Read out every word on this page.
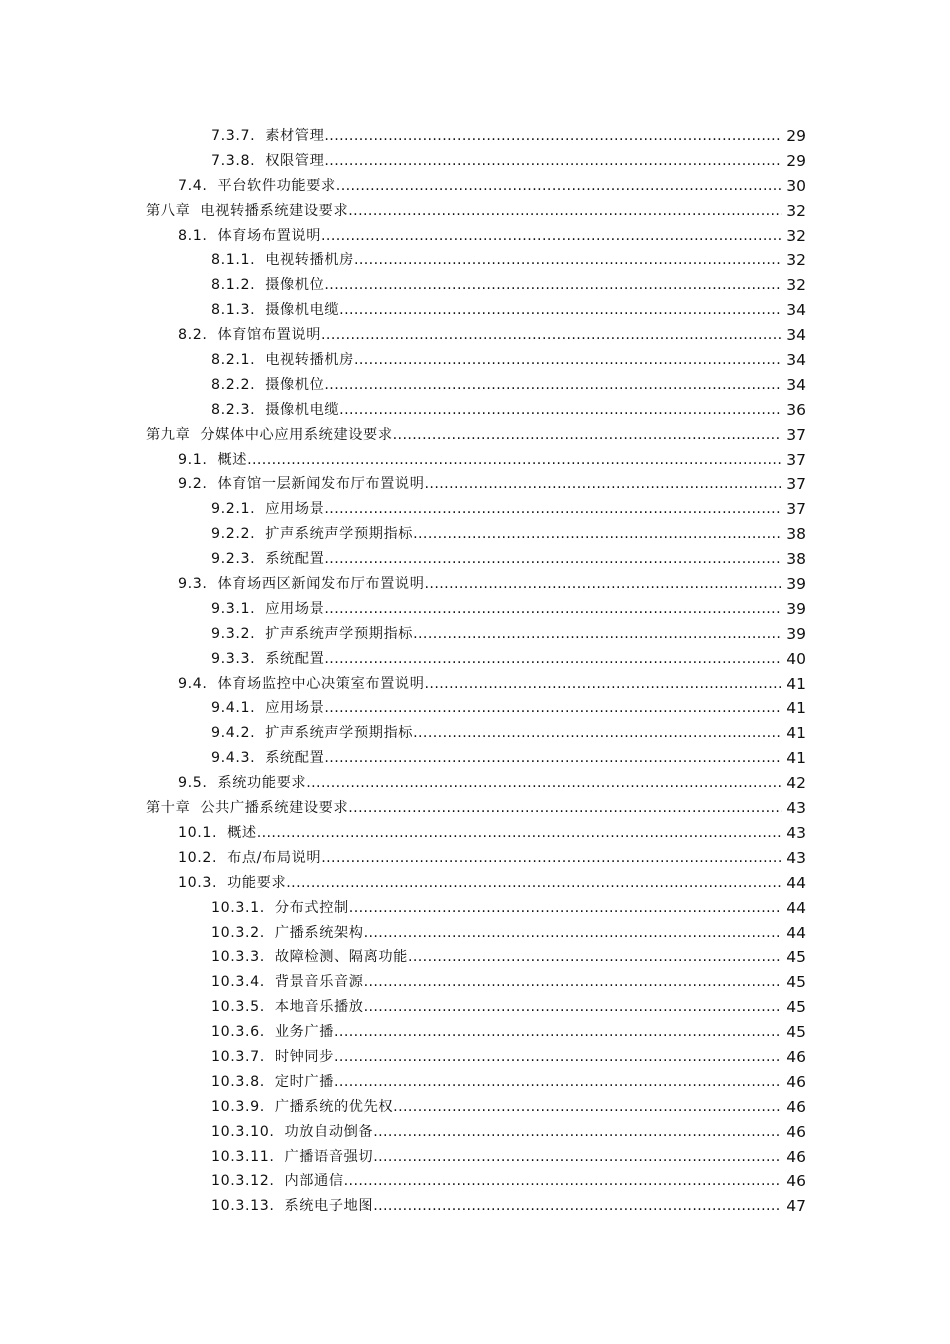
7.3.7. 素材管理 .....	29
7.3.8. 权限管理 .....	29
7.4. 平台软件功能要求 .....	30
第八章 电视转播系统建设要求 .....	32
8.1. 体育场布置说明 .....	32
8.1.1. 电视转播机房 .....	32
8.1.2. 摄像机位 .....	32
8.1.3. 摄像机电缆 .....	34
8.2. 体育馆布置说明 .....	34
8.2.1. 电视转播机房 .....	34
8.2.2. 摄像机位 .....	34
8.2.3. 摄像机电缆 .....	36
第九章 分媒体中心应用系统建设要求 .....	37
9.1. 概述 .....	37
9.2. 体育馆一层新闻发布厅布置说明 .....	37
9.2.1. 应用场景 .....	37
9.2.2. 扩声系统声学预期指标 .....	38
9.2.3. 系统配置 .....	38
9.3. 体育场西区新闻发布厅布置说明 .....	39
9.3.1. 应用场景 .....	39
9.3.2. 扩声系统声学预期指标 .....	39
9.3.3. 系统配置 .....	40
9.4. 体育场监控中心决策室布置说明 .....	41
9.4.1. 应用场景 .....	41
9.4.2. 扩声系统声学预期指标 .....	41
9.4.3. 系统配置 .....	41
9.5. 系统功能要求 .....	42
第十章 公共广播系统建设要求 .....	43
10.1. 概述 .....	43
10.2. 布点/布局说明 .....	43
10.3. 功能要求 .....	44
10.3.1. 分布式控制 .....	44
10.3.2. 广播系统架构 .....	44
10.3.3. 故障检测、隔离功能 .....	45
10.3.4. 背景音乐音源 .....	45
10.3.5. 本地音乐播放 .....	45
10.3.6. 业务广播 .....	45
10.3.7. 时钟同步 .....	46
10.3.8. 定时广播 .....	46
10.3.9. 广播系统的优先权 .....	46
10.3.10. 功放自动倒备 .....	46
10.3.11. 广播语音强切 .....	46
10.3.12. 内部通信 .....	46
10.3.13. 系统电子地图 .....	47
